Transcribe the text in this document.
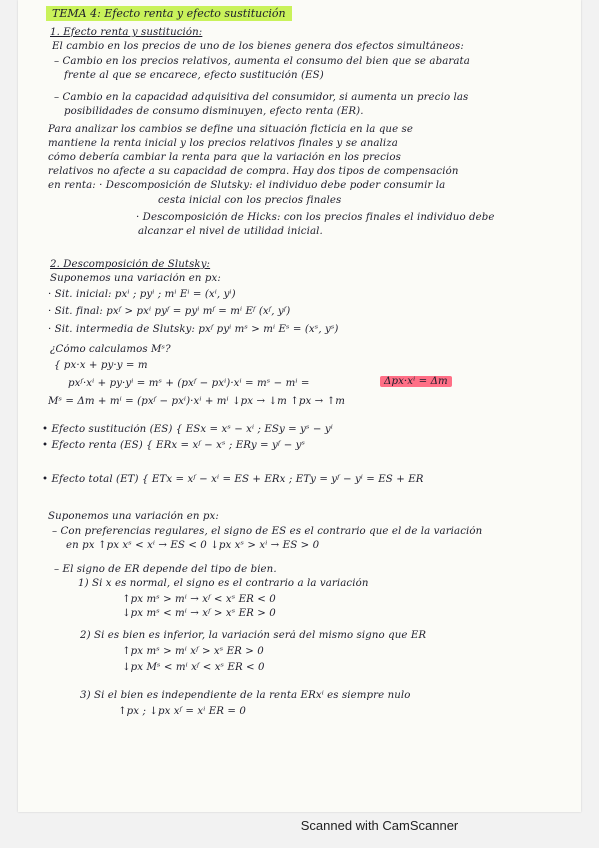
TEMA 4: Efecto renta y efecto sustitución
1. Efecto renta y sustitución:
El cambio en los precios de uno de los bienes genera dos efectos simultáneos:
– Cambio en los precios relativos, aumenta el consumo del bien que se abarata
frente al que se encarece, efecto sustitución (ES)
– Cambio en la capacidad adquisitiva del consumidor, si aumenta un precio las
posibilidades de consumo disminuyen, efecto renta (ER).
Para analizar los cambios se define una situación ficticia en la que se
mantiene la renta inicial y los precios relativos finales y se analiza
cómo debería cambiar la renta para que la variación en los precios
relativos no afecte a su capacidad de compra. Hay dos tipos de compensación
en renta: · Descomposición de Slutsky: el individuo debe poder consumir la
cesta inicial con los precios finales
· Descomposición de Hicks: con los precios finales el individuo debe
alcanzar el nivel de utilidad inicial.
2. Descomposición de Slutsky:
Suponemos una variación en px:
· Sit. inicial: pxⁱ ; pyⁱ ; mⁱ Eⁱ = (xⁱ, yⁱ)
· Sit. final: pxᶠ > pxⁱ pyᶠ = pyⁱ mᶠ = mⁱ Eᶠ (xᶠ, yᶠ)
· Sit. intermedia de Slutsky: pxᶠ pyⁱ mˢ > mⁱ Eˢ = (xˢ, yˢ)
¿Cómo calculamos Mˢ?
{ px·x + py·y = m
pxᶠ·xⁱ + py·yⁱ = mˢ + (pxᶠ − pxⁱ)·xⁱ = mˢ − mⁱ =	Δpx·xⁱ = Δm
Mˢ = Δm + mⁱ = (pxᶠ − pxⁱ)·xⁱ + mⁱ ↓px → ↓m ↑px → ↑m
• Efecto sustitución (ES) { ESx = xˢ − xⁱ ; ESy = yˢ − yⁱ
• Efecto renta (ES) { ERx = xᶠ − xˢ ; ERy = yᶠ − yˢ
• Efecto total (ET) { ETx = xᶠ − xⁱ = ES + ERx ; ETy = yᶠ − yⁱ = ES + ER
Suponemos una variación en px:
– Con preferencias regulares, el signo de ES es el contrario que el de la variación
en px ↑px xˢ < xⁱ → ES < 0 ↓px xˢ > xⁱ → ES > 0
– El signo de ER depende del tipo de bien.
1) Si x es normal, el signo es el contrario a la variación
↑px mˢ > mⁱ → xᶠ < xˢ ER < 0
↓px mˢ < mⁱ → xᶠ > xˢ ER > 0
2) Si es bien es inferior, la variación será del mismo signo que ER
↑px mˢ > mⁱ xᶠ > xˢ ER > 0
↓px Mˢ < mⁱ xᶠ < xˢ ER < 0
3) Si el bien es independiente de la renta ERxⁱ es siempre nulo
↑px ; ↓px xᶠ = xⁱ ER = 0
Scanned with CamScanner
